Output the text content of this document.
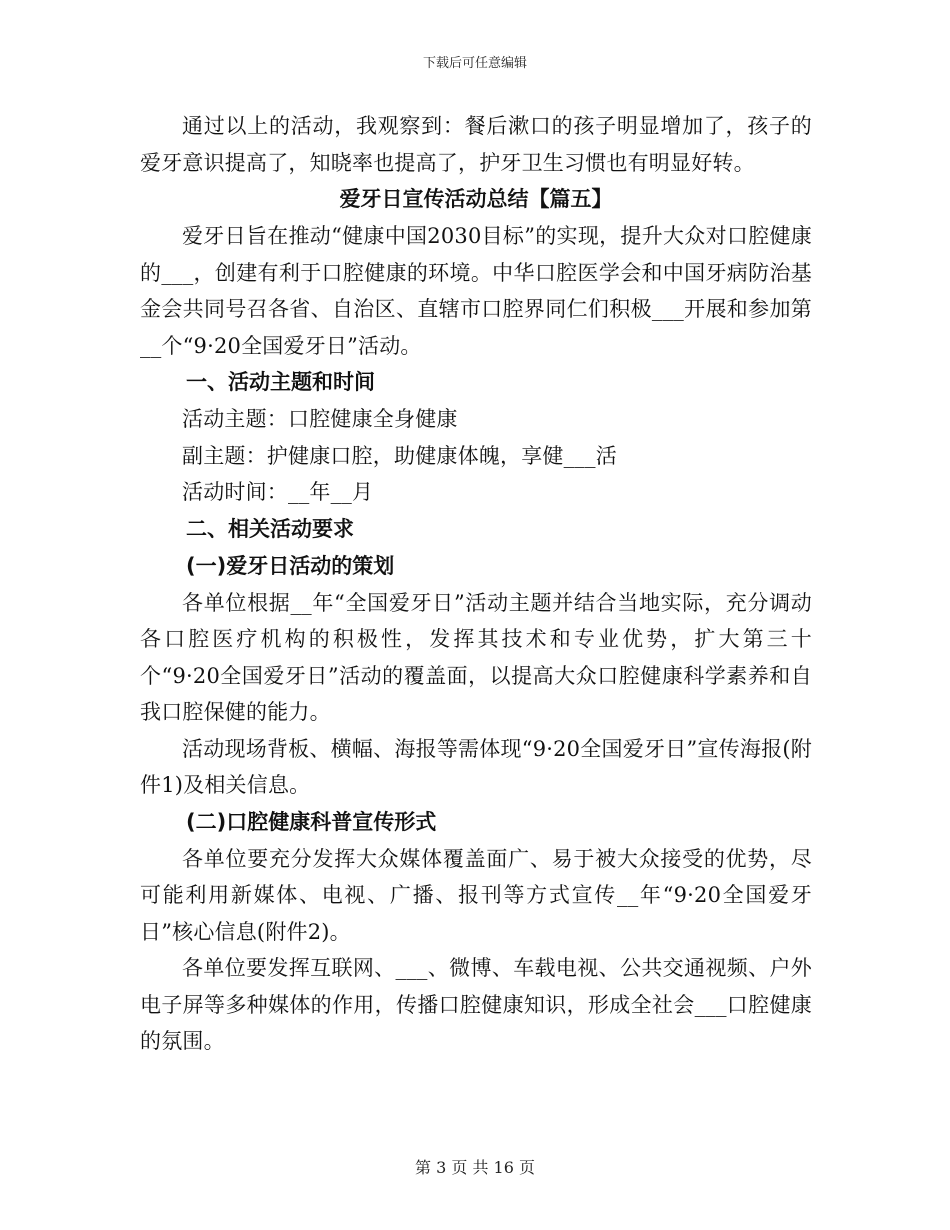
下载后可任意编辑

通过以上的活动，我观察到：餐后漱口的孩子明显增加了，孩子的爱牙意识提高了，知晓率也提高了，护牙卫生习惯也有明显好转。

爱牙日宣传活动总结【篇五】

爱牙日旨在推动“健康中国2030目标”的实现，提升大众对口腔健康的___，创建有利于口腔健康的环境。中华口腔医学会和中国牙病防治基金会共同号召各省、自治区、直辖市口腔界同仁们积极___开展和参加第__个“9·20全国爱牙日”活动。

一、活动主题和时间

活动主题：口腔健康全身健康

副主题：护健康口腔，助健康体魄，享健___活

活动时间：__年__月

二、相关活动要求

(一)爱牙日活动的策划

各单位根据__年“全国爱牙日”活动主题并结合当地实际，充分调动各口腔医疗机构的积极性，发挥其技术和专业优势，扩大第三十个“9·20全国爱牙日”活动的覆盖面，以提高大众口腔健康科学素养和自我口腔保健的能力。

活动现场背板、横幅、海报等需体现“9·20全国爱牙日”宣传海报(附件1)及相关信息。

(二)口腔健康科普宣传形式

各单位要充分发挥大众媒体覆盖面广、易于被大众接受的优势，尽可能利用新媒体、电视、广播、报刊等方式宣传__年“9·20全国爱牙日”核心信息(附件2)。

各单位要发挥互联网、___、微博、车载电视、公共交通视频、户外电子屏等多种媒体的作用，传播口腔健康知识，形成全社会___口腔健康的氛围。

第 3 页 共 16 页
